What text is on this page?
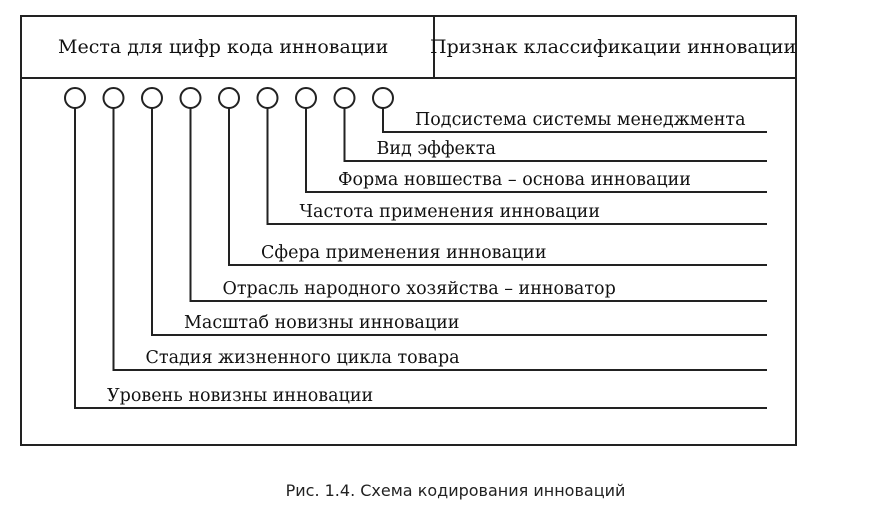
Места для цифр кода инновации Признак классификации инновации
Подсистема системы менеджмента
Вид эффекта
Форма новшества – основа инновации
Частота применения инновации
Сфера применения инновации
Отрасль народного хозяйства – инноватор
Масштаб новизны инновации
Стадия жизненного цикла товара
Уровень новизны инновации
Рис. 1.4. Схема кодирования инноваций
